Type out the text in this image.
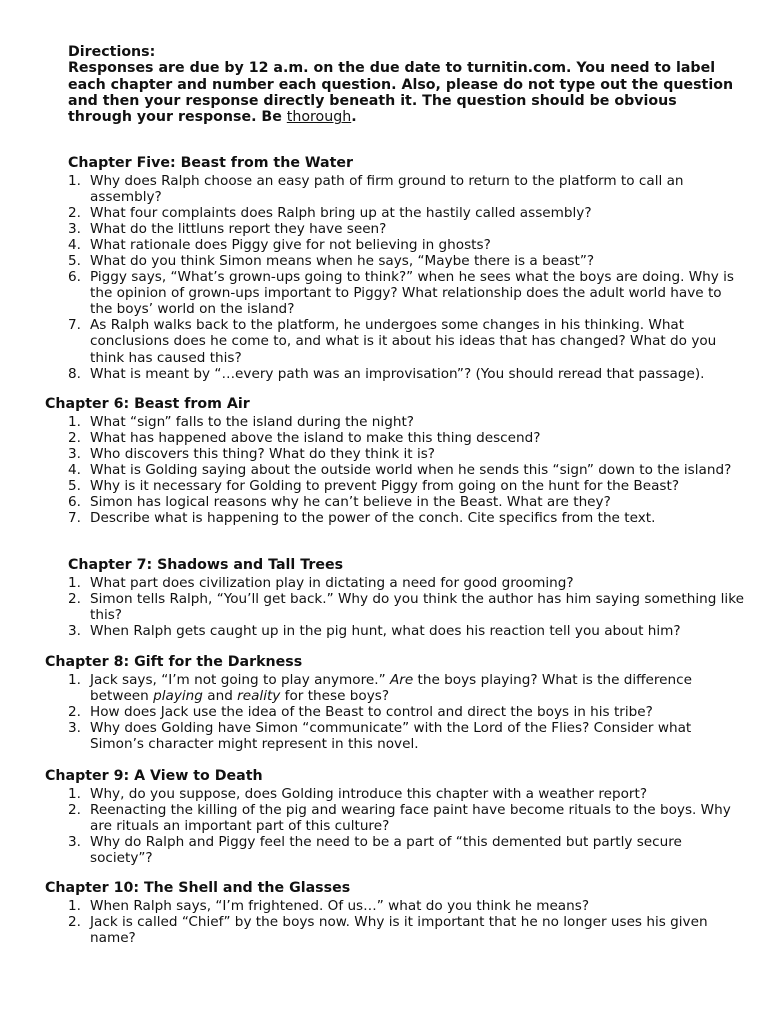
Directions:
Responses are due by 12 a.m. on the due date to turnitin.com. You need to label each chapter and number each question. Also, please do not type out the question and then your response directly beneath it. The question should be obvious through your response. Be thorough.
Chapter Five: Beast from the Water
1. Why does Ralph choose an easy path of firm ground to return to the platform to call an assembly?
2. What four complaints does Ralph bring up at the hastily called assembly?
3. What do the littluns report they have seen?
4. What rationale does Piggy give for not believing in ghosts?
5. What do you think Simon means when he says, “Maybe there is a beast”?
6. Piggy says, “What’s grown-ups going to think?” when he sees what the boys are doing. Why is the opinion of grown-ups important to Piggy? What relationship does the adult world have to the boys’ world on the island?
7. As Ralph walks back to the platform, he undergoes some changes in his thinking. What conclusions does he come to, and what is it about his ideas that has changed? What do you think has caused this?
8. What is meant by “…every path was an improvisation”? (You should reread that passage).
Chapter 6: Beast from Air
1. What “sign” falls to the island during the night?
2. What has happened above the island to make this thing descend?
3. Who discovers this thing? What do they think it is?
4. What is Golding saying about the outside world when he sends this “sign” down to the island?
5. Why is it necessary for Golding to prevent Piggy from going on the hunt for the Beast?
6. Simon has logical reasons why he can’t believe in the Beast. What are they?
7. Describe what is happening to the power of the conch. Cite specifics from the text.
Chapter 7: Shadows and Tall Trees
1. What part does civilization play in dictating a need for good grooming?
2. Simon tells Ralph, “You’ll get back.” Why do you think the author has him saying something like this?
3. When Ralph gets caught up in the pig hunt, what does his reaction tell you about him?
Chapter 8: Gift for the Darkness
1. Jack says, “I’m not going to play anymore.” Are the boys playing? What is the difference between playing and reality for these boys?
2. How does Jack use the idea of the Beast to control and direct the boys in his tribe?
3. Why does Golding have Simon “communicate” with the Lord of the Flies? Consider what Simon’s character might represent in this novel.
Chapter 9: A View to Death
1. Why, do you suppose, does Golding introduce this chapter with a weather report?
2. Reenacting the killing of the pig and wearing face paint have become rituals to the boys. Why are rituals an important part of this culture?
3. Why do Ralph and Piggy feel the need to be a part of “this demented but partly secure society”?
Chapter 10: The Shell and the Glasses
1. When Ralph says, “I’m frightened. Of us…” what do you think he means?
2. Jack is called “Chief” by the boys now. Why is it important that he no longer uses his given name?
